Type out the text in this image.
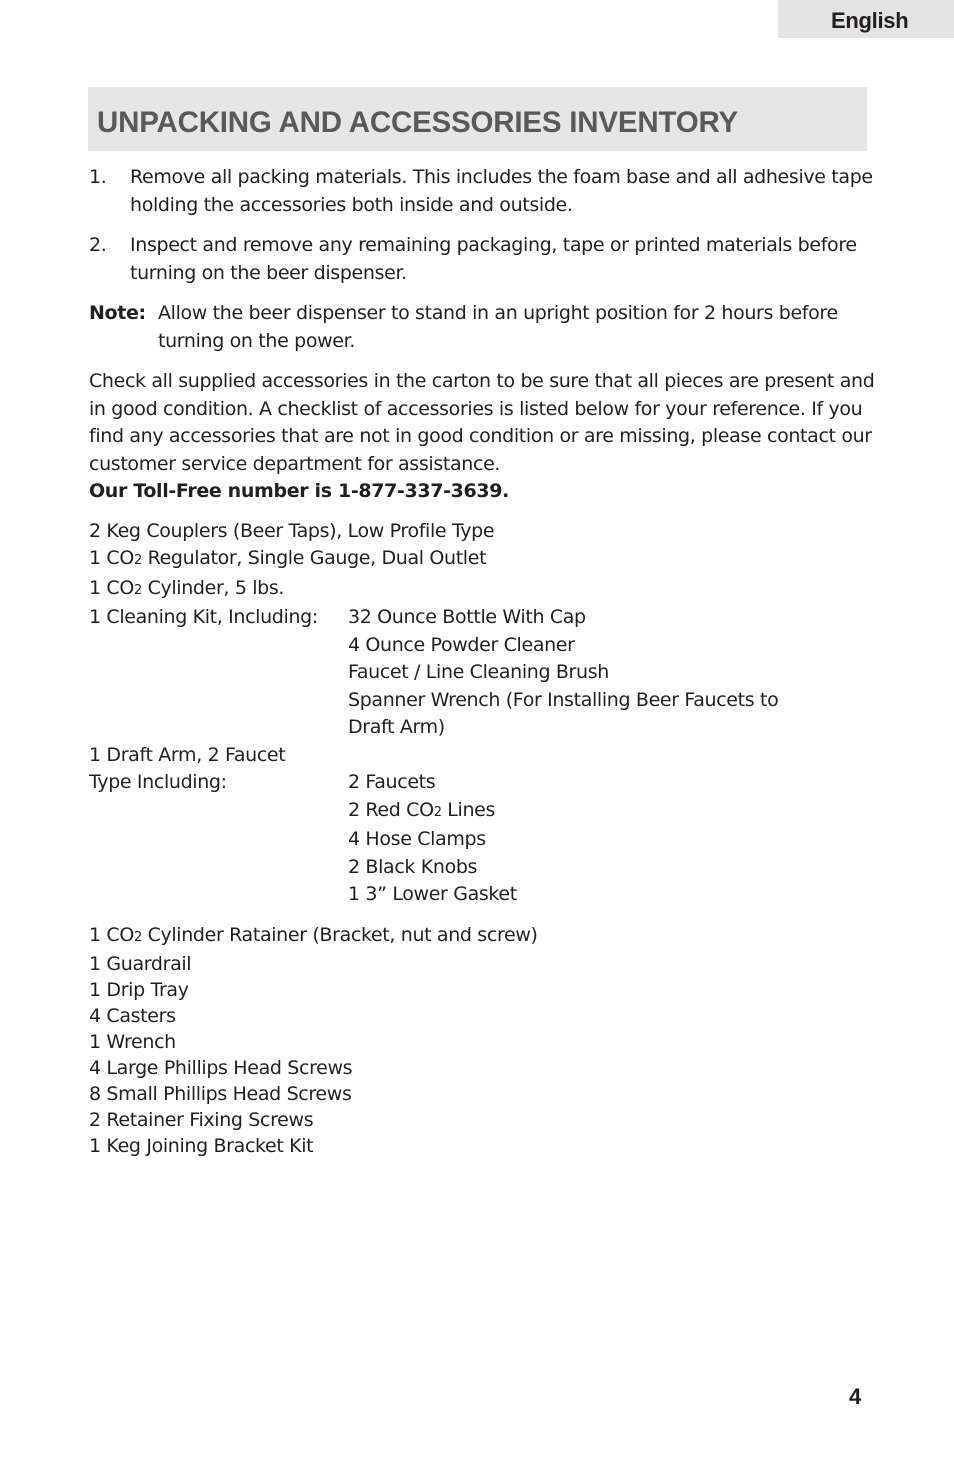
English
UNPACKING AND ACCESSORIES INVENTORY
1. Remove all packing materials. This includes the foam base and all adhesive tape holding the accessories both inside and outside.
2. Inspect and remove any remaining packaging, tape or printed materials before turning on the beer dispenser.
Note: Allow the beer dispenser to stand in an upright position for 2 hours before turning on the power.
Check all supplied accessories in the carton to be sure that all pieces are present and in good condition. A checklist of accessories is listed below for your reference. If you find any accessories that are not in good condition or are missing, please contact our customer service department for assistance.
Our Toll-Free number is 1-877-337-3639.
2 Keg Couplers (Beer Taps), Low Profile Type
1 CO2 Regulator, Single Gauge, Dual Outlet
1 CO2 Cylinder, 5 lbs.
1 Cleaning Kit, Including:	32 Ounce Bottle With Cap
4 Ounce Powder Cleaner
Faucet / Line Cleaning Brush
Spanner Wrench (For Installing Beer Faucets to Draft Arm)
1 Draft Arm, 2 Faucet
Type Including:
	2 Faucets
2 Red CO2 Lines
4 Hose Clamps
2 Black Knobs
1 3” Lower Gasket
1 CO2 Cylinder Ratainer (Bracket, nut and screw)
1 Guardrail
1 Drip Tray
4 Casters
1 Wrench
4 Large Phillips Head Screws
8 Small Phillips Head Screws
2 Retainer Fixing Screws
1 Keg Joining Bracket Kit
4
